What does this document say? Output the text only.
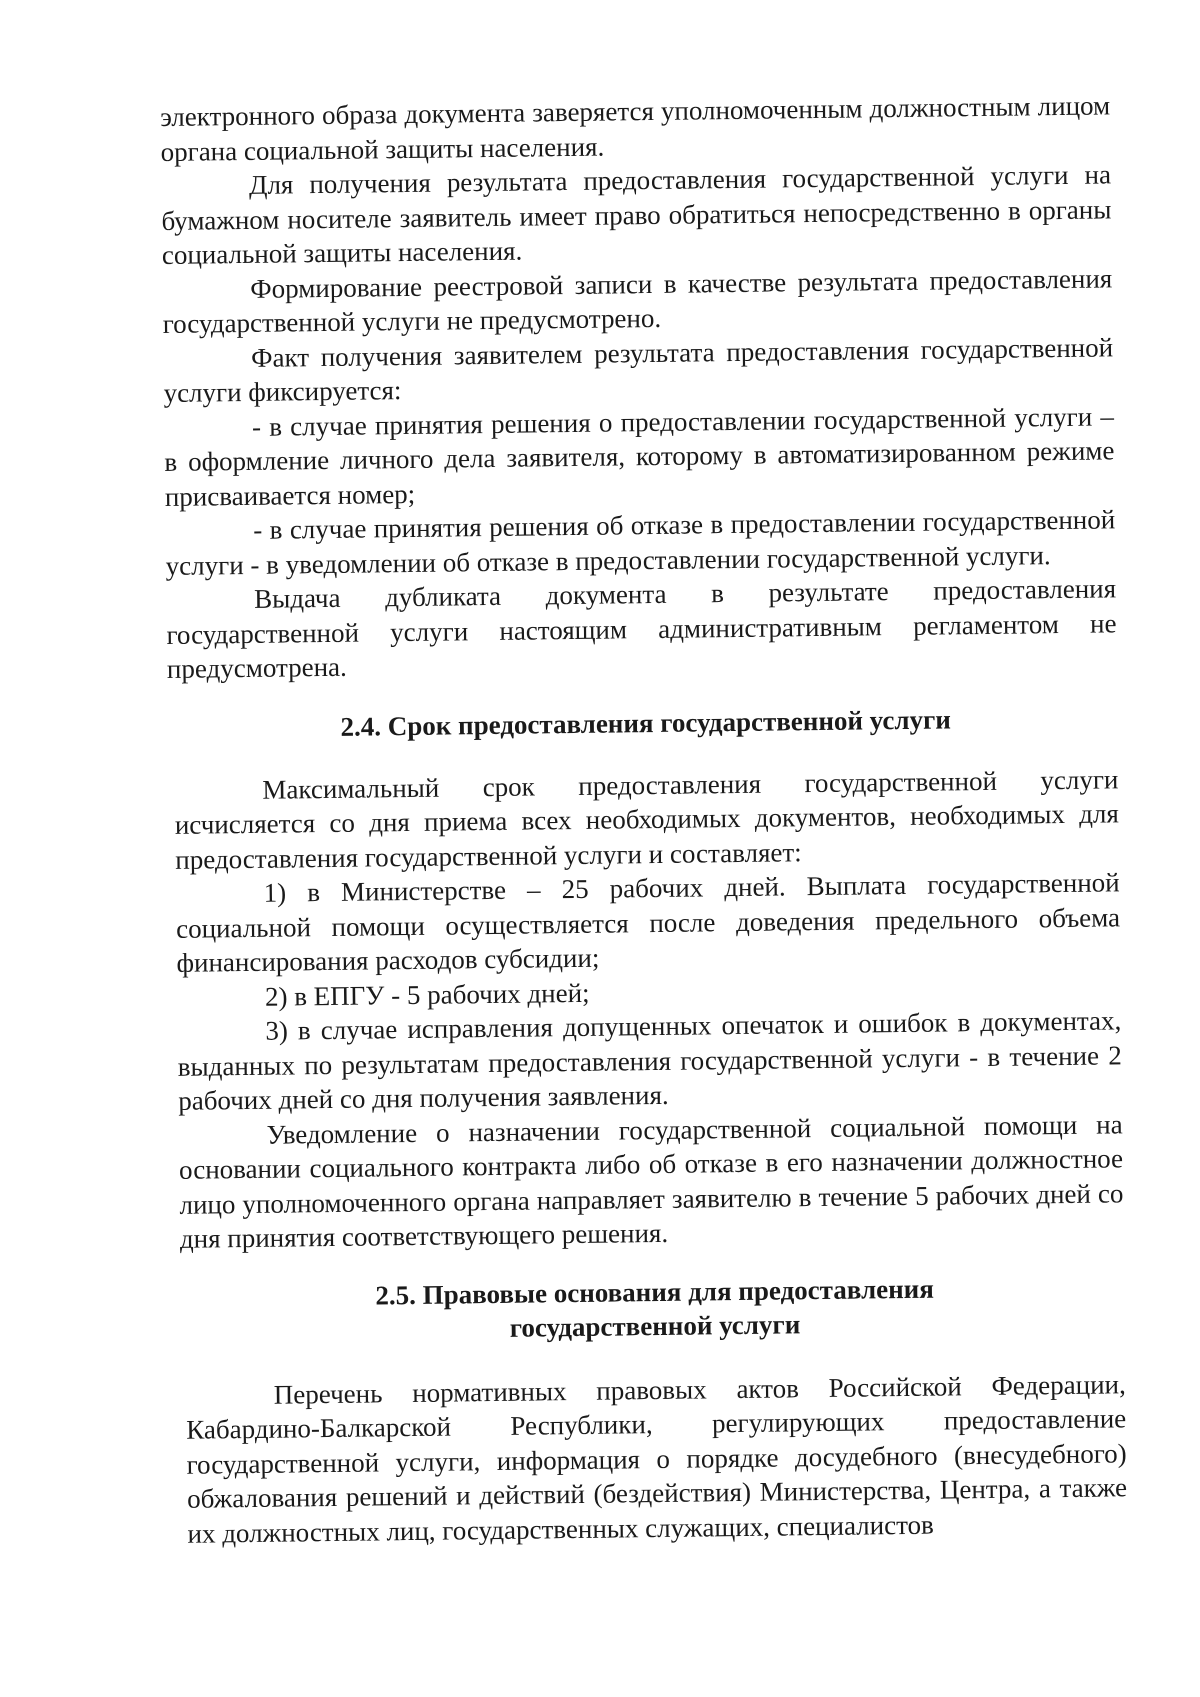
электронного образа документа заверяется уполномоченным должностным лицом органа социальной защиты населения.

Для получения результата предоставления государственной услуги на бумажном носителе заявитель имеет право обратиться непосредственно в органы социальной защиты населения.

Формирование реестровой записи в качестве результата предоставления государственной услуги не предусмотрено.

Факт получения заявителем результата предоставления государственной услуги фиксируется:

- в случае принятия решения о предоставлении государственной услуги – в оформление личного дела заявителя, которому в автоматизированном режиме присваивается номер;

- в случае принятия решения об отказе в предоставлении государственной услуги - в уведомлении об отказе в предоставлении государственной услуги.

Выдача дубликата документа в результате предоставления государственной услуги настоящим административным регламентом не предусмотрена.

2.4. Срок предоставления государственной услуги

Максимальный срок предоставления государственной услуги исчисляется со дня приема всех необходимых документов, необходимых для предоставления государственной услуги и составляет:

1) в Министерстве – 25 рабочих дней. Выплата государственной социальной помощи осуществляется после доведения предельного объема финансирования расходов субсидии;

2) в ЕПГУ - 5 рабочих дней;

3) в случае исправления допущенных опечаток и ошибок в документах, выданных по результатам предоставления государственной услуги - в течение 2 рабочих дней со дня получения заявления.

Уведомление о назначении государственной социальной помощи на основании социального контракта либо об отказе в его назначении должностное лицо уполномоченного органа направляет заявителю в течение 5 рабочих дней со дня принятия соответствующего решения.

2.5. Правовые основания для предоставления
государственной услуги

Перечень нормативных правовых актов Российской Федерации, Кабардино-Балкарской Республики, регулирующих предоставление государственной услуги, информация о порядке досудебного (внесудебного) обжалования решений и действий (бездействия) Министерства, Центра, а также их должностных лиц, государственных служащих, специалистов
